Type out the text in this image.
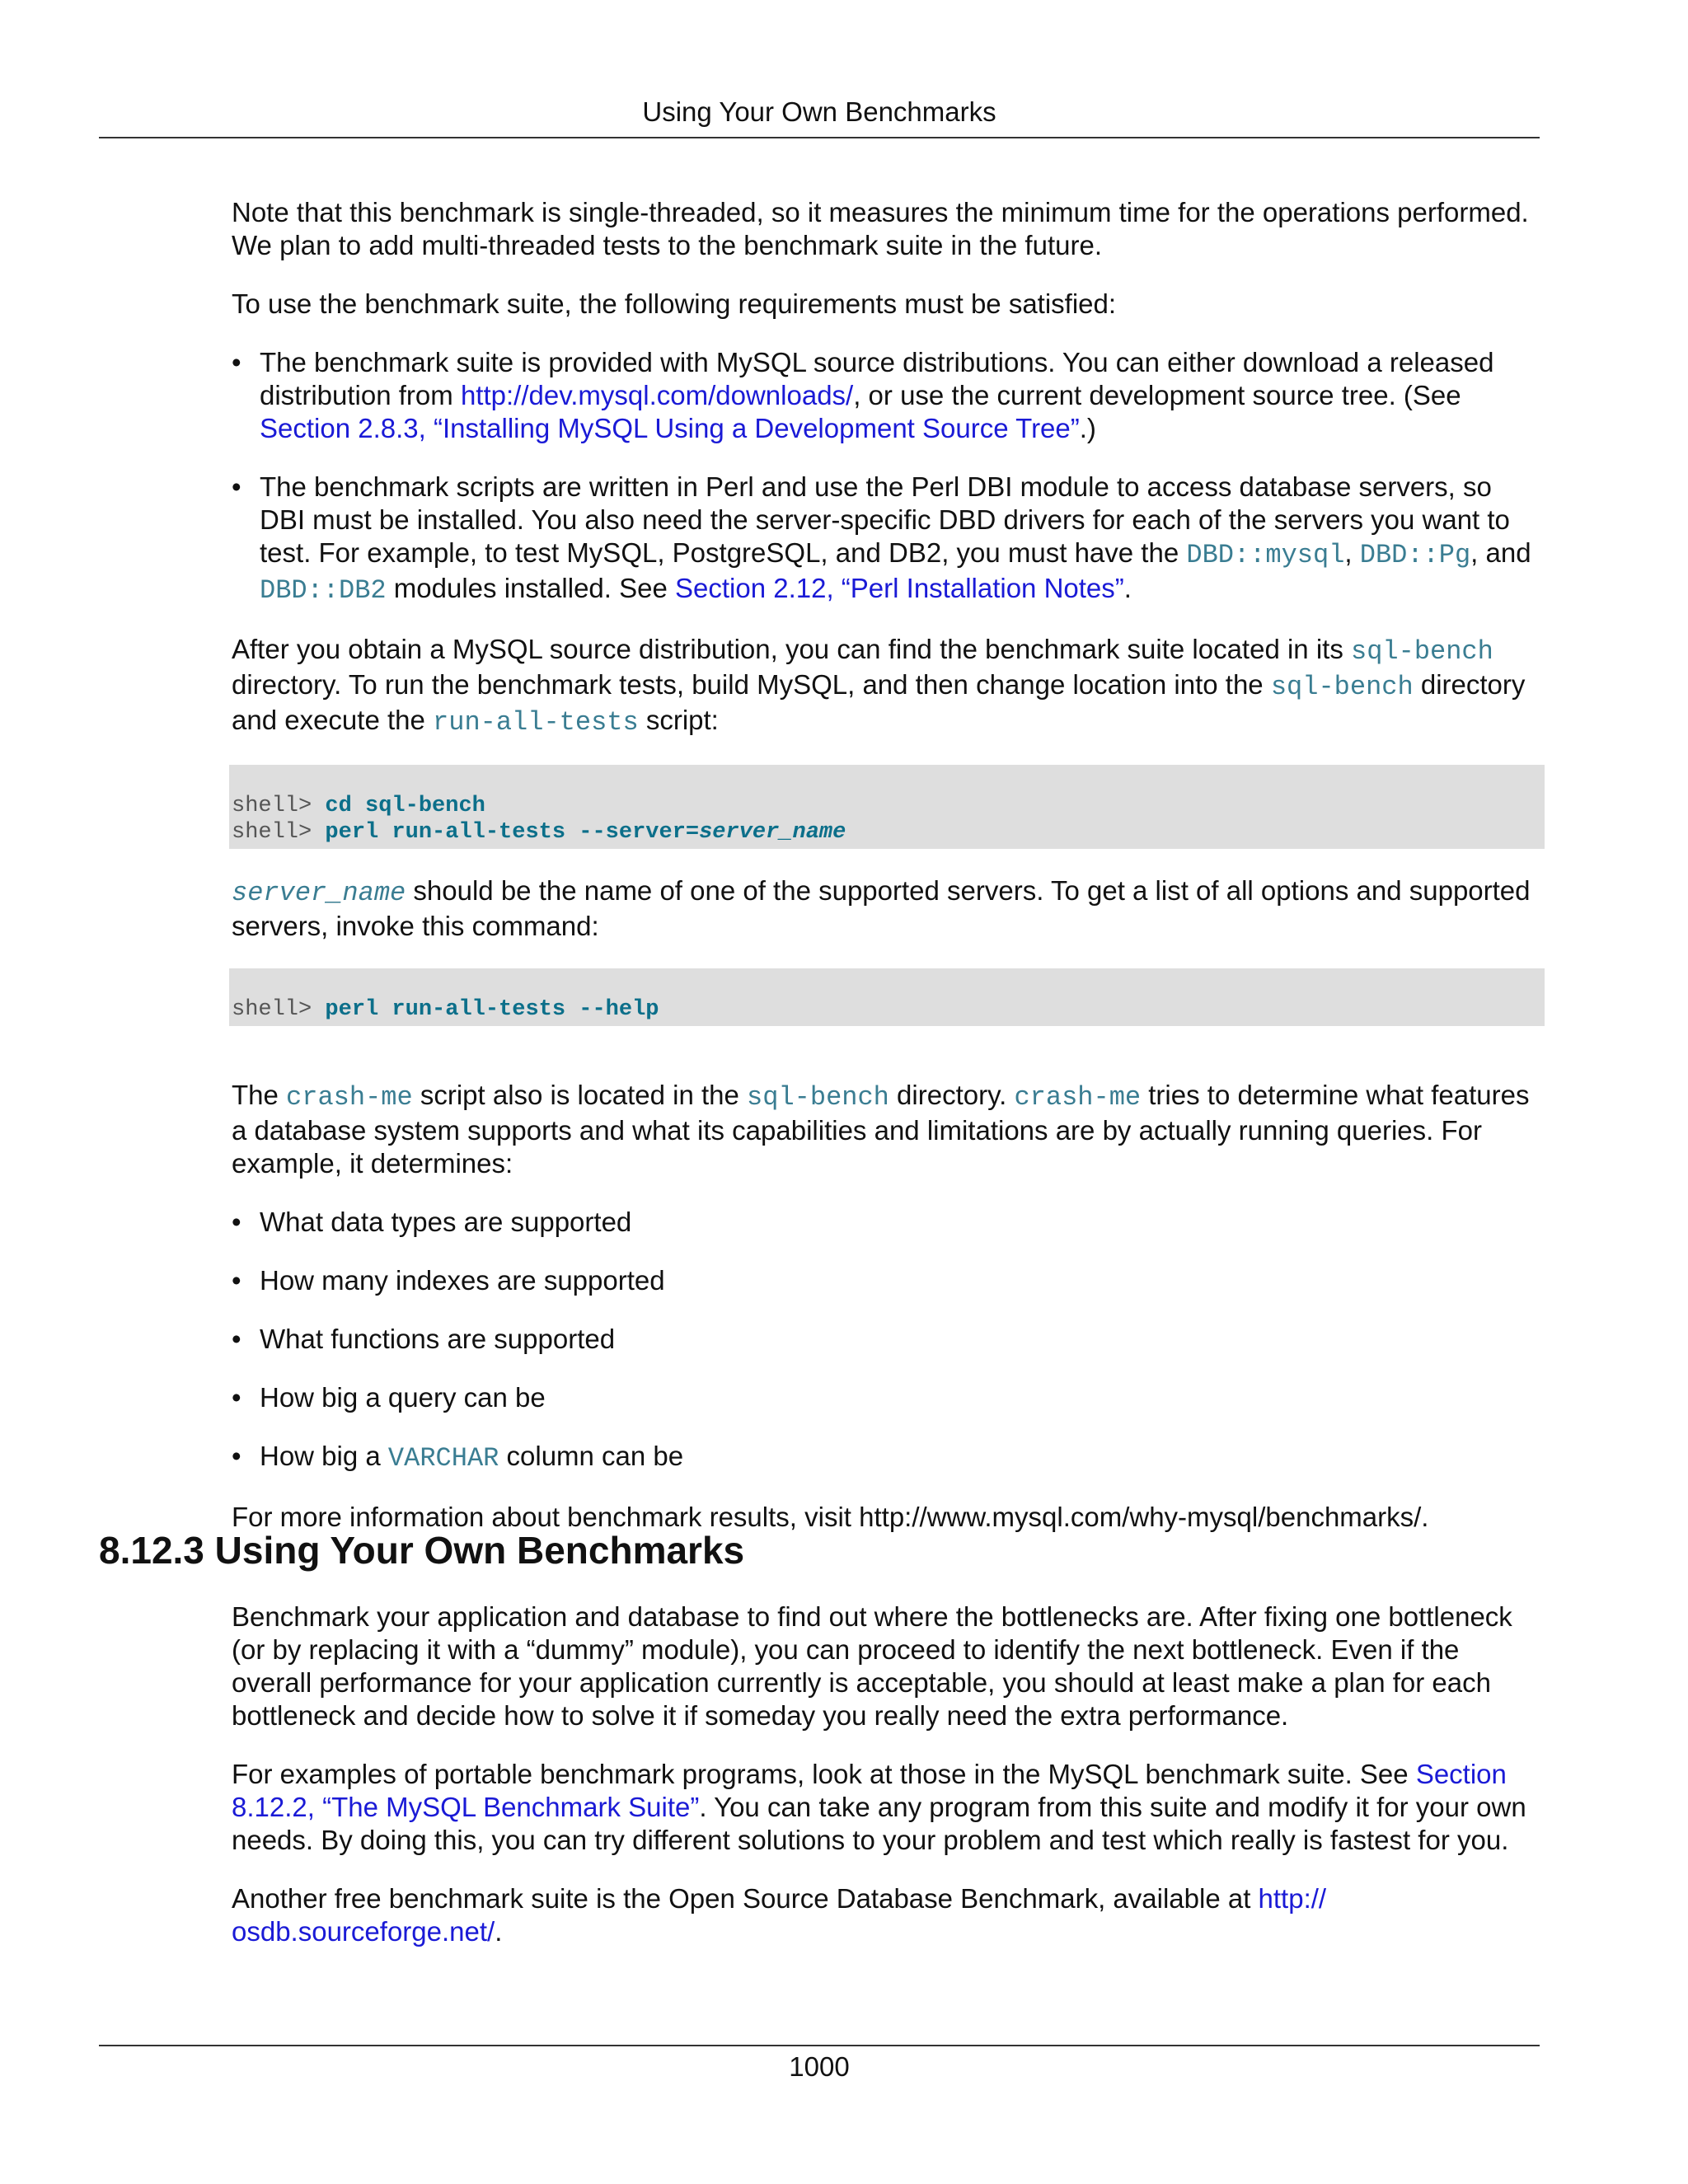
Using Your Own Benchmarks

Note that this benchmark is single-threaded, so it measures the minimum time for the operations performed. We plan to add multi-threaded tests to the benchmark suite in the future.

To use the benchmark suite, the following requirements must be satisfied:

• The benchmark suite is provided with MySQL source distributions. You can either download a released distribution from http://dev.mysql.com/downloads/, or use the current development source tree. (See Section 2.8.3, “Installing MySQL Using a Development Source Tree”.)
• The benchmark scripts are written in Perl and use the Perl DBI module to access database servers, so DBI must be installed. You also need the server-specific DBD drivers for each of the servers you want to test. For example, to test MySQL, PostgreSQL, and DB2, you must have the DBD::mysql, DBD::Pg, and DBD::DB2 modules installed. See Section 2.12, “Perl Installation Notes”.

After you obtain a MySQL source distribution, you can find the benchmark suite located in its sql-bench directory. To run the benchmark tests, build MySQL, and then change location into the sql-bench directory and execute the run-all-tests script:

shell> cd sql-bench
shell> perl run-all-tests --server=server_name

server_name should be the name of one of the supported servers. To get a list of all options and supported servers, invoke this command:

shell> perl run-all-tests --help

The crash-me script also is located in the sql-bench directory. crash-me tries to determine what features a database system supports and what its capabilities and limitations are by actually running queries. For example, it determines:

• What data types are supported
• How many indexes are supported
• What functions are supported
• How big a query can be
• How big a VARCHAR column can be

For more information about benchmark results, visit http://www.mysql.com/why-mysql/benchmarks/.

8.12.3 Using Your Own Benchmarks

Benchmark your application and database to find out where the bottlenecks are. After fixing one bottleneck (or by replacing it with a “dummy” module), you can proceed to identify the next bottleneck. Even if the overall performance for your application currently is acceptable, you should at least make a plan for each bottleneck and decide how to solve it if someday you really need the extra performance.

For examples of portable benchmark programs, look at those in the MySQL benchmark suite. See Section 8.12.2, “The MySQL Benchmark Suite”. You can take any program from this suite and modify it for your own needs. By doing this, you can try different solutions to your problem and test which really is fastest for you.

Another free benchmark suite is the Open Source Database Benchmark, available at http:// osdb.sourceforge.net/.

1000
